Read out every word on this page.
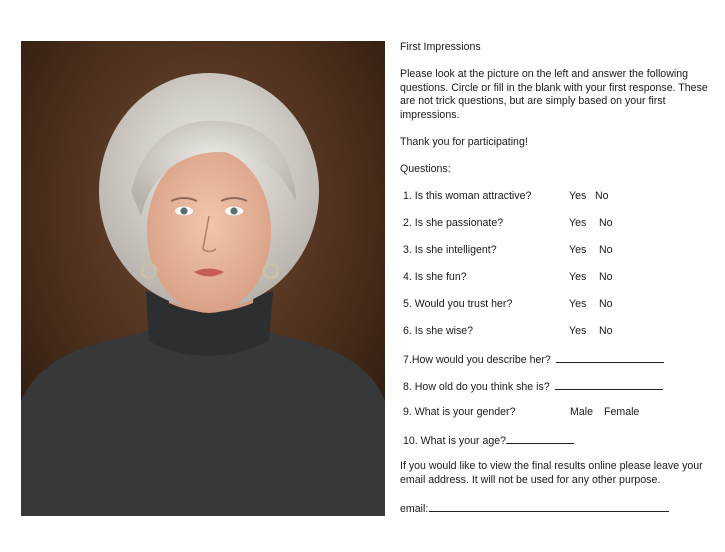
First Impressions
Please look at the picture on the left and answer the following questions. Circle or fill in the blank with your first response. These are not trick questions, but are simply based on your first impressions.
Thank you for participating!
Questions:
1. Is this woman attractive?	Yes No
2. Is she passionate?	Yes No
3. Is she intelligent?	Yes No
4. Is she fun?	Yes No
5. Would you trust her?	Yes No
6. Is she wise?	Yes No
7.How would you describe her?
8. How old do you think she is?
9. What is your gender?	Male Female
10. What is your age?
If you would like to view the final results online please leave your email address. It will not be used for any other purpose.
email:
